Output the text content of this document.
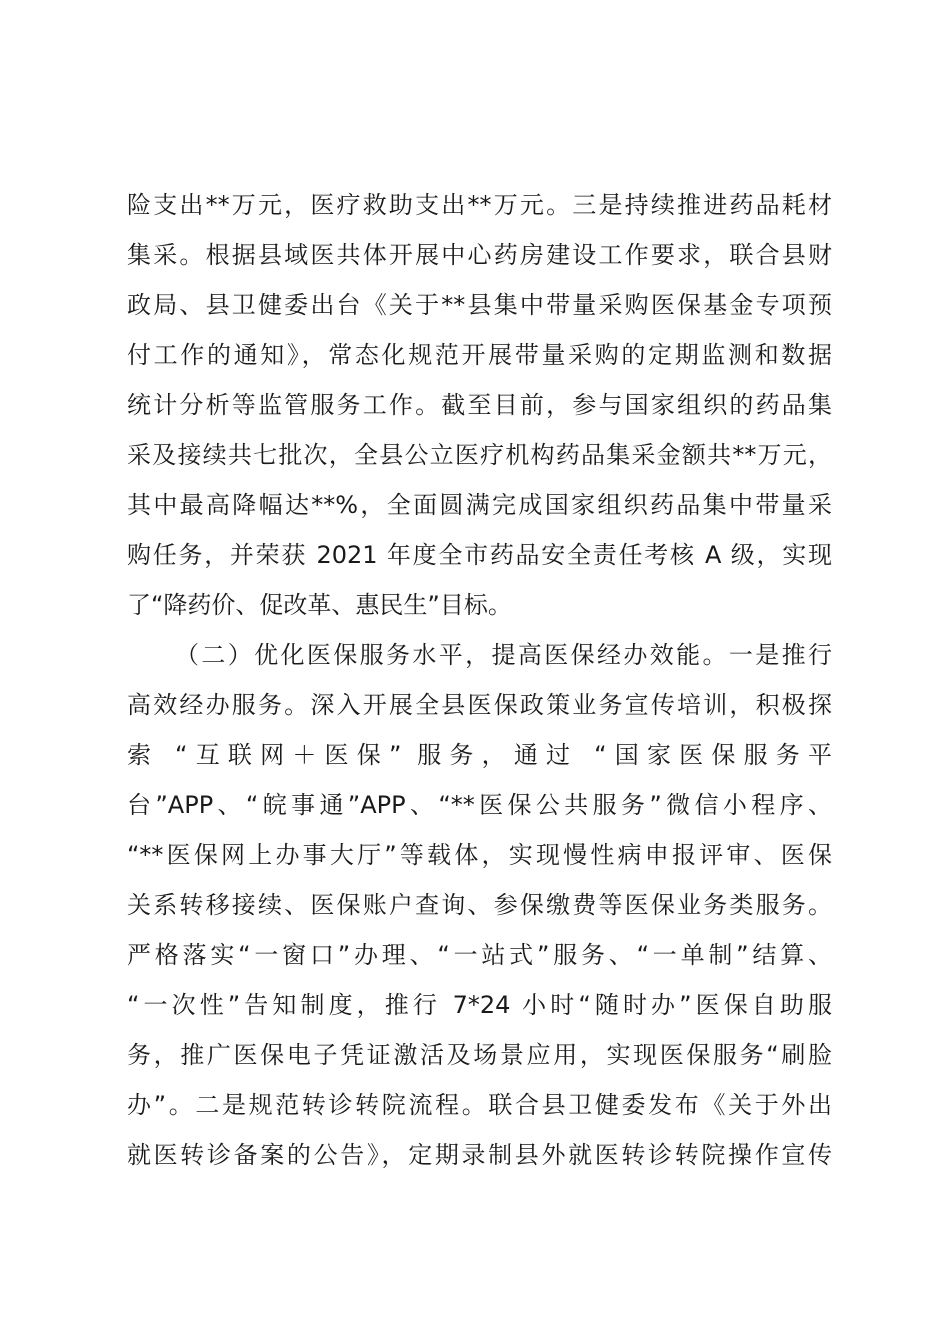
险支出**万元，医疗救助支出**万元。三是持续推进药品耗材
集采。根据县域医共体开展中心药房建设工作要求，联合县财
政局、县卫健委出台《关于**县集中带量采购医保基金专项预
付工作的通知》，常态化规范开展带量采购的定期监测和数据
统计分析等监管服务工作。截至目前，参与国家组织的药品集
采及接续共七批次，全县公立医疗机构药品集采金额共**万元，
其中最高降幅达**%，全面圆满完成国家组织药品集中带量采
购任务，并荣获 2021 年度全市药品安全责任考核 A 级，实现
了“降药价、促改革、惠民生”目标。
（二）优化医保服务水平，提高医保经办效能。一是推行
高效经办服务。深入开展全县医保政策业务宣传培训，积极探
索 “互联网＋医保” 服务，通过 “国家医保服务平
台”APP、“皖事通”APP、“**医保公共服务”微信小程序、
“**医保网上办事大厅”等载体，实现慢性病申报评审、医保
关系转移接续、医保账户查询、参保缴费等医保业务类服务。
严格落实“一窗口”办理、“一站式”服务、“一单制”结算、
“一次性”告知制度，推行 7*24 小时“随时办”医保自助服
务，推广医保电子凭证激活及场景应用，实现医保服务“刷脸
办”。二是规范转诊转院流程。联合县卫健委发布《关于外出
就医转诊备案的公告》，定期录制县外就医转诊转院操作宣传
